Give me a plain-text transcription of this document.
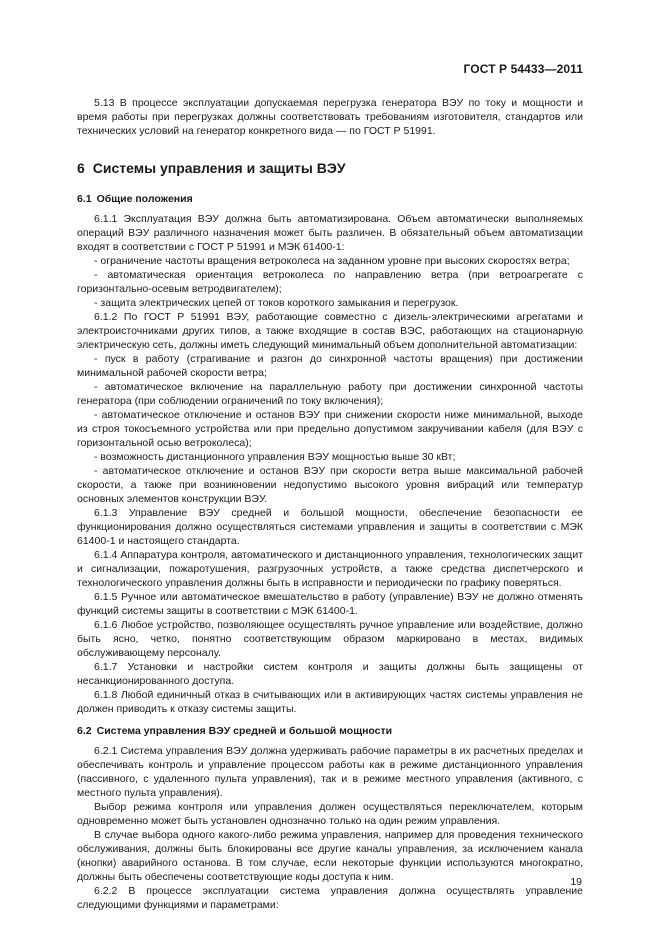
ГОСТ Р 54433—2011

5.13 В процессе эксплуатации допускаемая перегрузка генератора ВЭУ по току и мощности и время работы при перегрузках должны соответствовать требованиям изготовителя, стандартов или технических условий на генератор конкретного вида — по ГОСТ Р 51991.

6 Системы управления и защиты ВЭУ
6.1 Общие положения

6.1.1 Эксплуатация ВЭУ должна быть автоматизирована. Объем автоматически выполняемых операций ВЭУ различного назначения может быть различен. В обязательный объем автоматизации входят в соответствии с ГОСТ Р 51991 и МЭК 61400-1:

- ограничение частоты вращения ветроколеса на заданном уровне при высоких скоростях ветра;

- автоматическая ориентация ветроколеса по направлению ветра (при ветроагрегате с горизонтально-осевым ветродвигателем);

- защита электрических цепей от токов короткого замыкания и перегрузок.

6.1.2 По ГОСТ Р 51991 ВЭУ, работающие совместно с дизель-электрическими агрегатами и электроисточниками других типов, а также входящие в состав ВЭС, работающих на стационарную электрическую сеть, должны иметь следующий минимальный объем дополнительной автоматизации:

- пуск в работу (страгивание и разгон до синхронной частоты вращения) при достижении минимальной рабочей скорости ветра;

- автоматическое включение на параллельную работу при достижении синхронной частоты генератора (при соблюдении ограничений по току включения);

- автоматическое отключение и останов ВЭУ при снижении скорости ниже минимальной, выходе из строя токосъемного устройства или при предельно допустимом закручивании кабеля (для ВЭУ с горизонтальной осью ветроколеса);

- возможность дистанционного управления ВЭУ мощностью выше 30 кВт;

- автоматическое отключение и останов ВЭУ при скорости ветра выше максимальной рабочей скорости, а также при возникновении недопустимо высокого уровня вибраций или температур основных элементов конструкции ВЭУ.

6.1.3 Управление ВЭУ средней и большой мощности, обеспечение безопасности ее функционирования должно осуществляться системами управления и защиты в соответствии с МЭК 61400-1 и настоящего стандарта.

6.1.4 Аппаратура контроля, автоматического и дистанционного управления, технологических защит и сигнализации, пожаротушения, разгрузочных устройств, а также средства диспетчерского и технологического управления должны быть в исправности и периодически по графику поверяться.

6.1.5 Ручное или автоматическое вмешательство в работу (управление) ВЭУ не должно отменять функций системы защиты в соответствии с МЭК 61400-1.

6.1.6 Любое устройство, позволяющее осуществлять ручное управление или воздействие, должно быть ясно, четко, понятно соответствующим образом маркировано в местах, видимых обслуживающему персоналу.

6.1.7 Установки и настройки систем контроля и защиты должны быть защищены от несанкционированного доступа.

6.1.8 Любой единичный отказ в считывающих или в активирующих частях системы управления не должен приводить к отказу системы защиты.

6.2 Система управления ВЭУ средней и большой мощности

6.2.1 Система управления ВЭУ должна удерживать рабочие параметры в их расчетных пределах и обеспечивать контроль и управление процессом работы как в режиме дистанционного управления (пассивного, с удаленного пульта управления), так и в режиме местного управления (активного, с местного пульта управления).

Выбор режима контроля или управления должен осуществляться переключателем, которым одновременно может быть установлен однозначно только на один режим управления.

В случае выбора одного какого-либо режима управления, например для проведения технического обслуживания, должны быть блокированы все другие каналы управления, за исключением канала (кнопки) аварийного останова. В том случае, если некоторые функции используются многократно, должны быть обеспечены соответствующие коды доступа к ним.

6.2.2 В процессе эксплуатации система управления должна осуществлять управление следующими функциями и параметрами:

19
